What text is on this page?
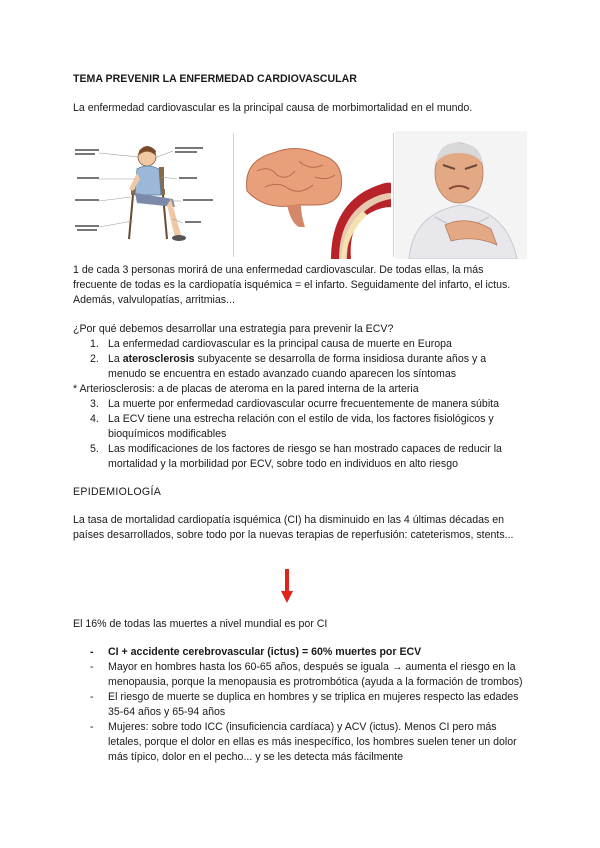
TEMA PREVENIR LA ENFERMEDAD CARDIOVASCULAR
La enfermedad cardiovascular es la principal causa de morbimortalidad en el mundo.
1 de cada 3 personas morirá de una enfermedad cardiovascular. De todas ellas, la más frecuente de todas es la cardiopatía isquémica = el infarto. Seguidamente del infarto, el ictus. Además, valvulopatías, arritmias...
¿Por qué debemos desarrollar una estrategia para prevenir la ECV?
1. La enfermedad cardiovascular es la principal causa de muerte en Europa
2. La aterosclerosis subyacente se desarrolla de forma insidiosa durante años y a menudo se encuentra en estado avanzado cuando aparecen los síntomas
* Arteriosclerosis: a de placas de ateroma en la pared interna de la arteria
3. La muerte por enfermedad cardiovascular ocurre frecuentemente de manera súbita
4. La ECV tiene una estrecha relación con el estilo de vida, los factores fisiológicos y bioquímicos modificables
5. Las modificaciones de los factores de riesgo se han mostrado capaces de reducir la mortalidad y la morbilidad por ECV, sobre todo en individuos en alto riesgo
EPIDEMIOLOGÍA
La tasa de mortalidad cardiopatía isquémica (CI) ha disminuido en las 4 últimas décadas en países desarrollados, sobre todo por la nuevas terapias de reperfusión: cateterismos, stents...
El 16% de todas las muertes a nivel mundial es por CI
- CI + accidente cerebrovascular (ictus) = 60% muertes por ECV
- Mayor en hombres hasta los 60-65 años, después se iguala → aumenta el riesgo en la menopausia, porque la menopausia es protrombótica (ayuda a la formación de trombos)
- El riesgo de muerte se duplica en hombres y se triplica en mujeres respecto las edades 35-64 años y 65-94 años
- Mujeres: sobre todo ICC (insuficiencia cardíaca) y ACV (ictus). Menos CI pero más letales, porque el dolor en ellas es más inespecífico, los hombres suelen tener un dolor más típico, dolor en el pecho... y se les detecta más fácilmente
